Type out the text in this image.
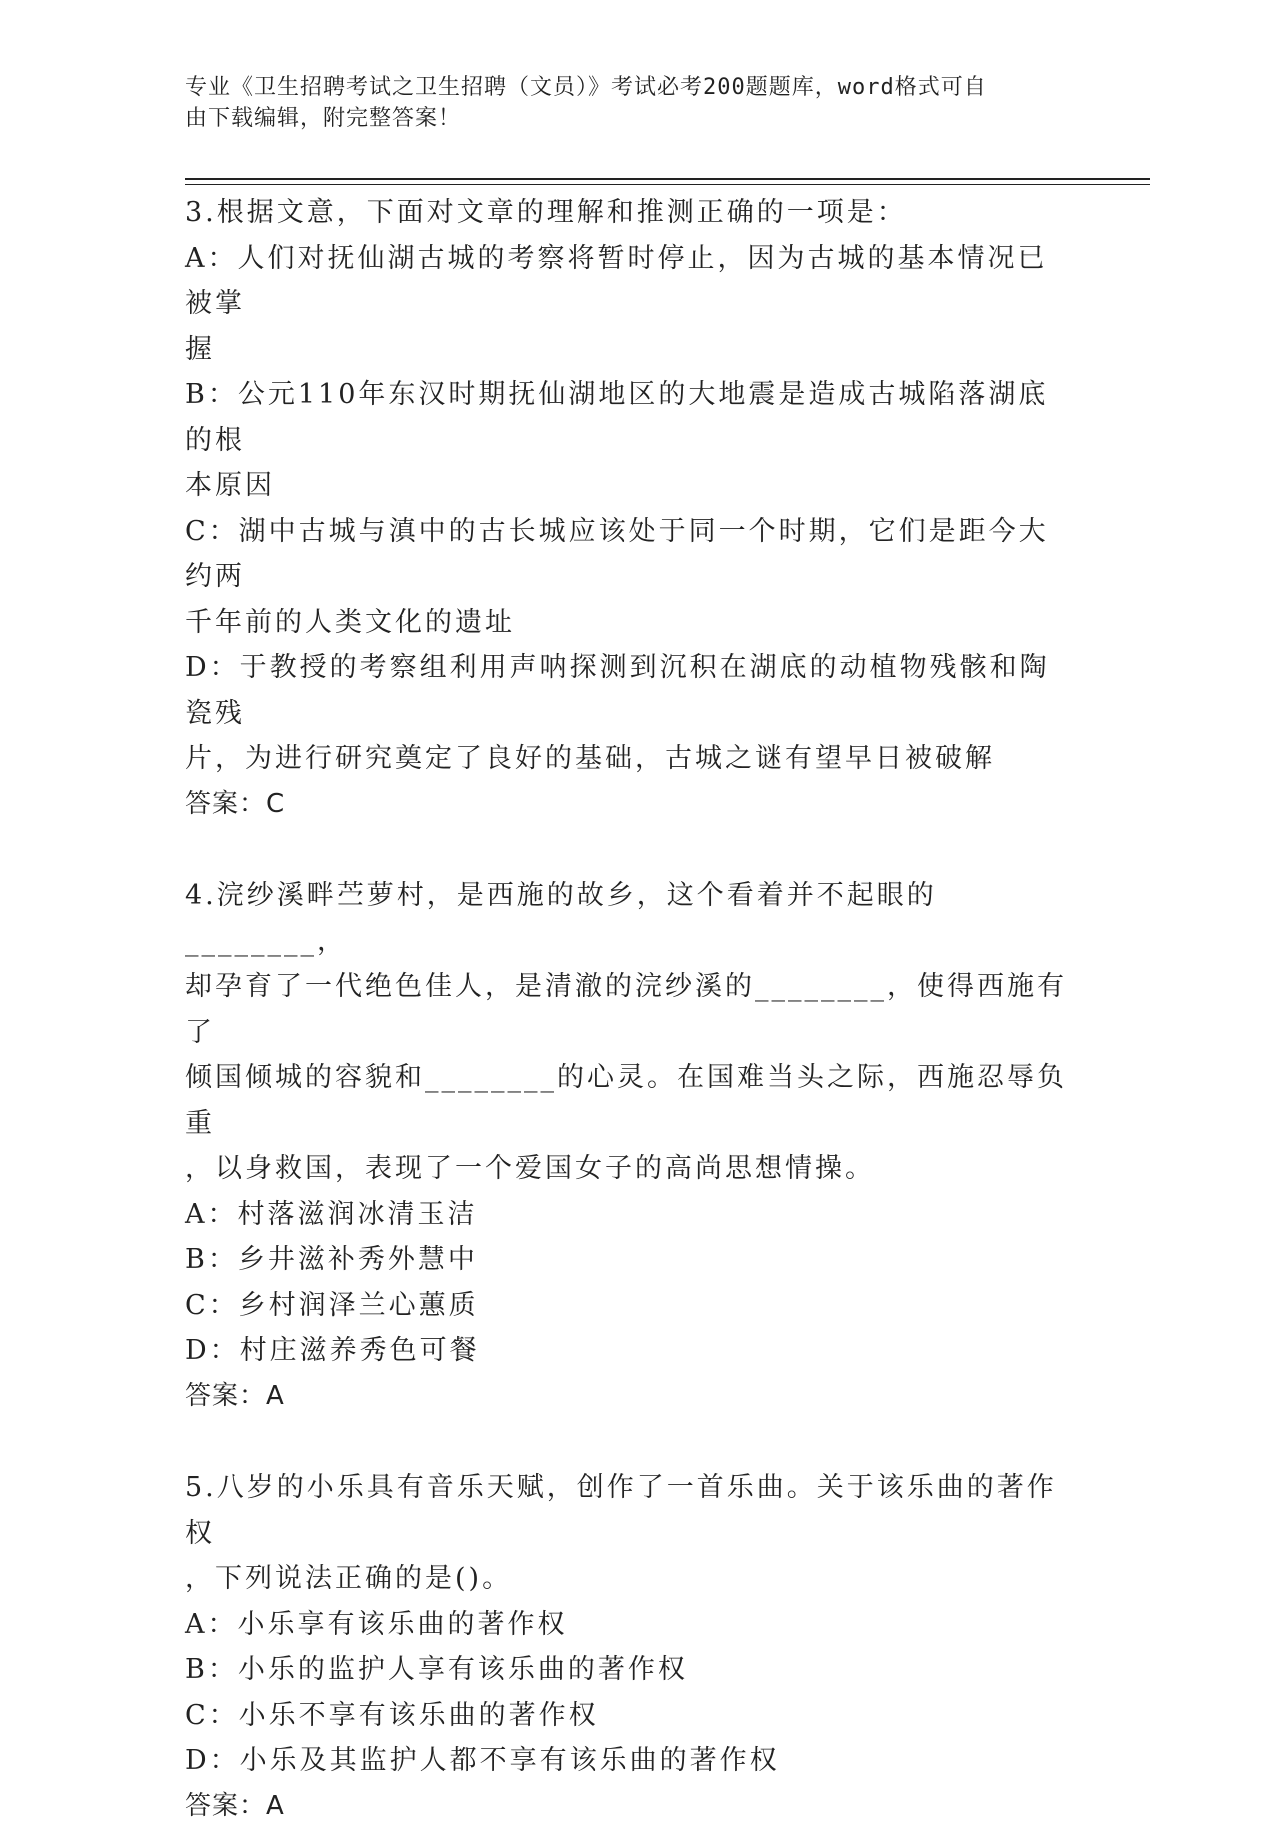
专业《卫生招聘考试之卫生招聘（文员）》考试必考200题题库，word格式可自
由下载编辑，附完整答案！

3.根据文意，下面对文章的理解和推测正确的一项是：

A：人们对抚仙湖古城的考察将暂时停止，因为古城的基本情况已被掌

握

B：公元110年东汉时期抚仙湖地区的大地震是造成古城陷落湖底的根

本原因

C：湖中古城与滇中的古长城应该处于同一个时期，它们是距今大约两

千年前的人类文化的遗址

D：于教授的考察组利用声呐探测到沉积在湖底的动植物残骸和陶瓷残

片，为进行研究奠定了良好的基础，古城之谜有望早日被破解

答案：C

4.浣纱溪畔苎萝村，是西施的故乡，这个看着并不起眼的________，

却孕育了一代绝色佳人，是清澈的浣纱溪的________，使得西施有了

倾国倾城的容貌和________的心灵。在国难当头之际，西施忍辱负重

，以身救国，表现了一个爱国女子的高尚思想情操。

A：村落滋润冰清玉洁

B：乡井滋补秀外慧中

C：乡村润泽兰心蕙质

D：村庄滋养秀色可餐

答案：A

5.八岁的小乐具有音乐天赋，创作了一首乐曲。关于该乐曲的著作权

，下列说法正确的是()。

A：小乐享有该乐曲的著作权

B：小乐的监护人享有该乐曲的著作权

C：小乐不享有该乐曲的著作权

D：小乐及其监护人都不享有该乐曲的著作权

答案：A
